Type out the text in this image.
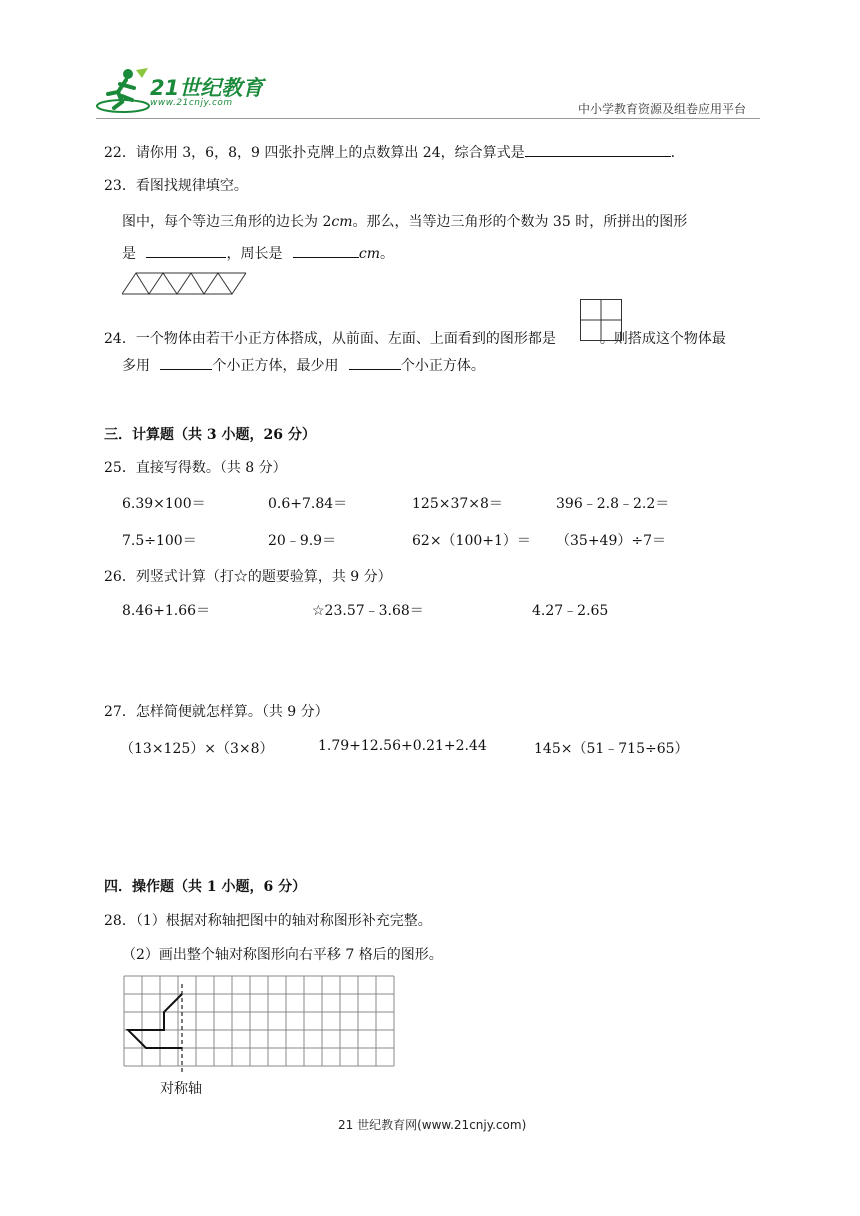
21世纪教育
www.21cnjy.com	中小学教育资源及组卷应用平台
22．请你用 3，6，8，9 四张扑克牌上的点数算出 24，综合算式是	.
23．看图找规律填空。
图中，每个等边三角形的边长为 2cm。那么，当等边三角形的个数为 35 时，所拼出的图形
是	，周长是	cm。
24．一个物体由若干小正方体搭成，从前面、左面、上面看到的图形都是	。则搭成这个物体最
多用	个小正方体，最少用	个小正方体。
三．计算题（共 3 小题，26 分）
25．直接写得数。（共 8 分）
6.39×100＝	0.6+7.84＝	125×37×8＝	396﹣2.8﹣2.2＝
7.5÷100＝	20﹣9.9＝	62×（100+1）＝ （35+49）÷7＝
26．列竖式计算（打☆的题要验算，共 9 分）
8.46+1.66＝	☆23.57﹣3.68＝	4.27﹣2.65
27．怎样简便就怎样算。（共 9 分）
（13×125）×（3×8）	1.79+12.56+0.21+2.44	145×（51﹣715÷65）
四．操作题（共 1 小题，6 分）
28．（1）根据对称轴把图中的轴对称图形补充完整。
（2）画出整个轴对称图形向右平移 7 格后的图形。
对称轴
21 世纪教育网(www.21cnjy.com)
